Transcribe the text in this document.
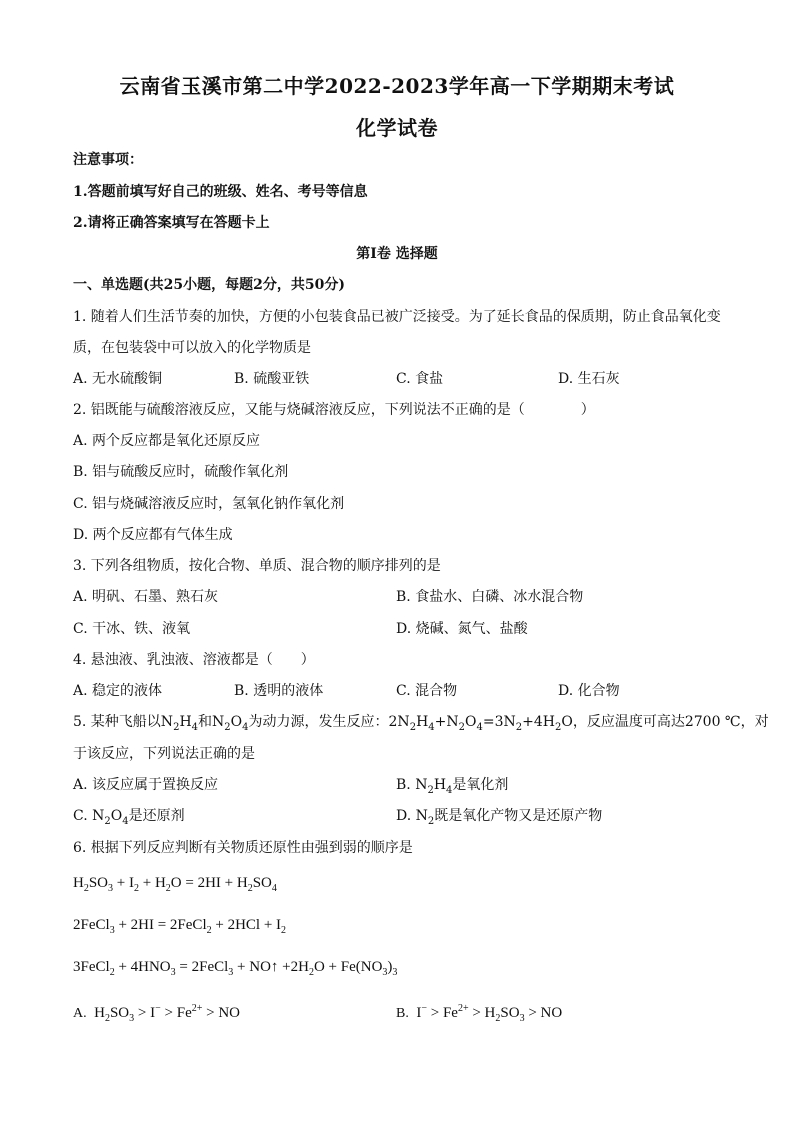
云南省玉溪市第二中学2022-2023学年高一下学期期末考试
化学试卷
注意事项：
1.答题前填写好自己的班级、姓名、考号等信息
2.请将正确答案填写在答题卡上
第I卷 选择题
一、单选题(共25小题，每题2分，共50分)
1. 随着人们生活节奏的加快，方便的小包装食品已被广泛接受。为了延长食品的保质期，防止食品氧化变
质，在包装袋中可以放入的化学物质是
A. 无水硫酸铜	B. 硫酸亚铁	C. 食盐	D. 生石灰
2. 铝既能与硫酸溶液反应，又能与烧碱溶液反应，下列说法不正确的是（　　　　）
A. 两个反应都是氧化还原反应
B. 铝与硫酸反应时，硫酸作氧化剂
C. 铝与烧碱溶液反应时，氢氧化钠作氧化剂
D. 两个反应都有气体生成
3. 下列各组物质，按化合物、单质、混合物的顺序排列的是
A. 明矾、石墨、熟石灰	B. 食盐水、白磷、冰水混合物
C. 干冰、铁、液氧	D. 烧碱、氮气、盐酸
4. 悬浊液、乳浊液、溶液都是（　　）
A. 稳定的液体	B. 透明的液体	C. 混合物	D. 化合物
5. 某种飞船以$N_2H_4$和$N_2O_4$为动力源，发生反应：$2N_2H_4+N_2O_4=3N_2+4H_2O$，反应温度可高达2700 ℃，对
于该反应，下列说法正确的是
A. 该反应属于置换反应	B. $N_2H_4$是氧化剂
C. $N_2O_4$是还原剂	D. $N_2$既是氧化产物又是还原产物
6. 根据下列反应判断有关物质还原性由强到弱的顺序是
$H_2SO_3 + I_2 + H_2O = 2HI + H_2SO_4$
2FeCl$_3$ + 2HI = 2FeCl$_2$ + $2HCl + I_2$
3FeCl$_2$ + $4HNO_3$ = 2FeCl$_3$ + NO↑ $+2H_2O + Fe(NO_3)_3$
A.  $H_2SO_3 > I^- > Fe^{2+}$ > NO	B.  $I^- > Fe^{2+} > H_2SO_3$ > NO
